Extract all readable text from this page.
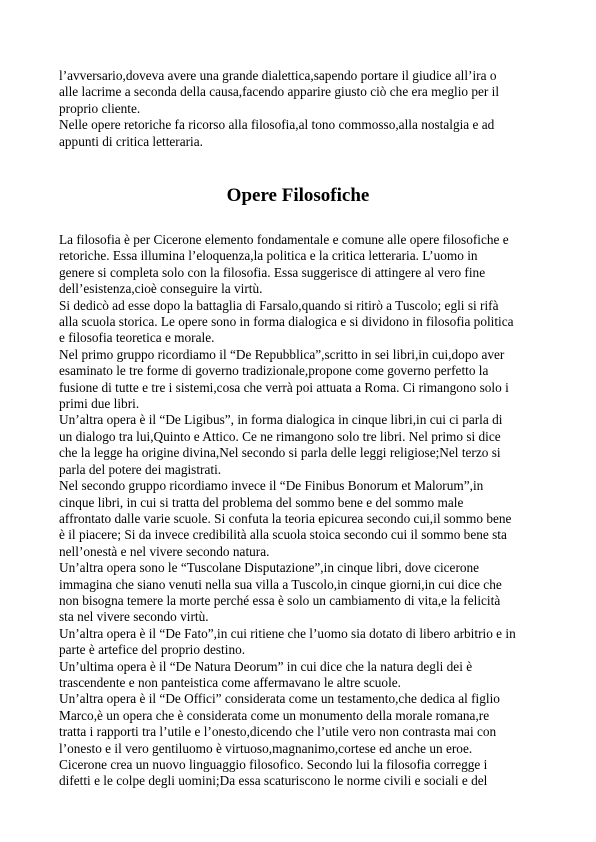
l’avversario,doveva avere una grande dialettica,sapendo portare il giudice all’ira o
alle lacrime a seconda della causa,facendo apparire giusto ciò che era meglio per il
proprio cliente.
Nelle opere retoriche fa ricorso alla filosofia,al tono commosso,alla nostalgia e ad
appunti di critica letteraria.
Opere Filosofiche
La filosofia è per Cicerone elemento fondamentale e comune alle opere filosofiche e
retoriche. Essa illumina l’eloquenza,la politica e la critica letteraria. L’uomo in
genere si completa solo con la filosofia. Essa suggerisce di attingere al vero fine
dell’esistenza,cioè conseguire la virtù.
Si dedicò ad esse dopo la battaglia di Farsalo,quando si ritirò a Tuscolo; egli si rifà
alla scuola storica. Le opere sono in forma dialogica e si dividono in filosofia politica
e filosofia teoretica e morale.
Nel primo gruppo ricordiamo il “De Repubblica”,scritto in sei libri,in cui,dopo aver
esaminato le tre forme di governo tradizionale,propone come governo perfetto la
fusione di tutte e tre i sistemi,cosa che verrà poi attuata a Roma. Ci rimangono solo i
primi due libri.
Un’altra opera è il “De Ligibus”, in forma dialogica in cinque libri,in cui ci parla di
un dialogo tra lui,Quinto e Attico. Ce ne rimangono solo tre libri. Nel primo si dice
che la legge ha origine divina,Nel secondo si parla delle leggi religiose;Nel terzo si
parla del potere dei magistrati.
Nel secondo gruppo ricordiamo invece il “De Finibus Bonorum et Malorum”,in
cinque libri, in cui si tratta del problema del sommo bene e del sommo male
affrontato dalle varie scuole. Si confuta la teoria epicurea secondo cui,il sommo bene
è il piacere; Si da invece credibilità alla scuola stoica secondo cui il sommo bene sta
nell’onestà e nel vivere secondo natura.
Un’altra opera sono le “Tuscolane Disputazione”,in cinque libri, dove cicerone
immagina che siano venuti nella sua villa a Tuscolo,in cinque giorni,in cui dice che
non bisogna temere la morte perché essa è solo un cambiamento di vita,e la felicità
sta nel vivere secondo virtù.
Un’altra opera è il “De Fato”,in cui ritiene che l’uomo sia dotato di libero arbitrio e in
parte è artefice del proprio destino.
Un’ultima opera è il “De Natura Deorum” in cui dice che la natura degli dei è
trascendente e non panteistica come affermavano le altre scuole.
Un’altra opera è il “De Offici” considerata come un testamento,che dedica al figlio
Marco,è un opera che è considerata come un monumento della morale romana,re
tratta i rapporti tra l’utile e l’onesto,dicendo che l’utile vero non contrasta mai con
l’onesto e il vero gentiluomo è virtuoso,magnanimo,cortese ed anche un eroe.
Cicerone crea un nuovo linguaggio filosofico. Secondo lui la filosofia corregge i
difetti e le colpe degli uomini;Da essa scaturiscono le norme civili e sociali e del
